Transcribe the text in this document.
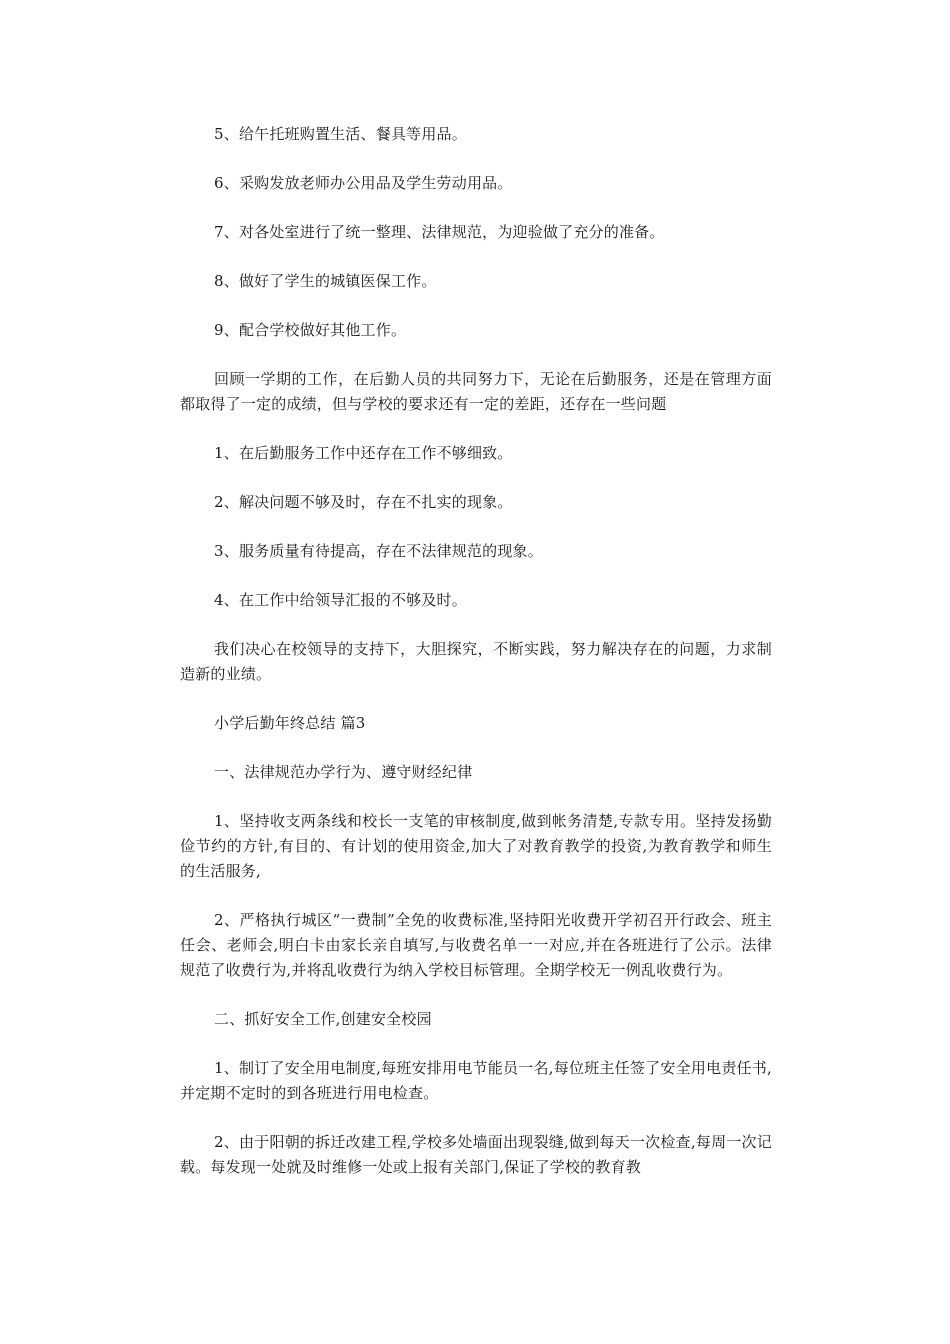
5、给午托班购置生活、餐具等用品。

6、采购发放老师办公用品及学生劳动用品。

7、对各处室进行了统一整理、法律规范，为迎验做了充分的准备。

8、做好了学生的城镇医保工作。

9、配合学校做好其他工作。

回顾一学期的工作，在后勤人员的共同努力下，无论在后勤服务，还是在管理方面都取得了一定的成绩，但与学校的要求还有一定的差距，还存在一些问题

1、在后勤服务工作中还存在工作不够细致。

2、解决问题不够及时，存在不扎实的现象。

3、服务质量有待提高，存在不法律规范的现象。

4、在工作中给领导汇报的不够及时。

我们决心在校领导的支持下，大胆探究，不断实践，努力解决存在的问题，力求制造新的业绩。

小学后勤年终总结 篇3

一、法律规范办学行为、遵守财经纪律

1、坚持收支两条线和校长一支笔的审核制度,做到帐务清楚,专款专用。坚持发扬勤俭节约的方针,有目的、有计划的使用资金,加大了对教育教学的投资,为教育教学和师生的生活服务,

2、严格执行城区“一费制”全免的收费标准,坚持阳光收费开学初召开行政会、班主任会、老师会,明白卡由家长亲自填写,与收费名单一一对应,并在各班进行了公示。法律规范了收费行为,并将乱收费行为纳入学校目标管理。全期学校无一例乱收费行为。

二、抓好安全工作,创建安全校园

1、制订了安全用电制度,每班安排用电节能员一名,每位班主任签了安全用电责任书,并定期不定时的到各班进行用电检查。

2、由于阳朝的拆迁改建工程,学校多处墙面出现裂缝,做到每天一次检查,每周一次记载。每发现一处就及时维修一处或上报有关部门,保证了学校的教育教
